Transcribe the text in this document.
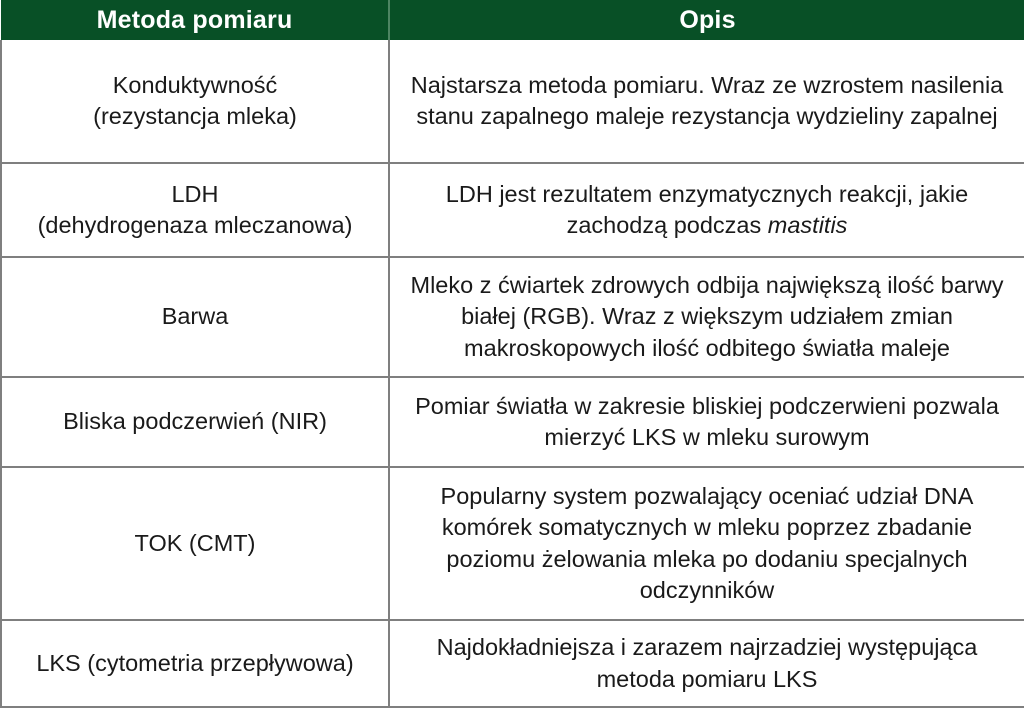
Metoda pomiaru	Opis

Konduktywność
(rezystancja mleka)	Najstarsza metoda pomiaru. Wraz ze wzrostem nasilenia stanu zapalnego maleje rezystancja wydzieliny zapalnej

LDH
(dehydrogenaza mleczanowa)	LDH jest rezultatem enzymatycznych reakcji, jakie zachodzą podczas mastitis

Barwa	Mleko z ćwiartek zdrowych odbija największą ilość barwy białej (RGB). Wraz z większym udziałem zmian makroskopowych ilość odbitego światła maleje

Bliska podczerwień (NIR)	Pomiar światła w zakresie bliskiej podczerwieni pozwala mierzyć LKS w mleku surowym

TOK (CMT)	Popularny system pozwalający oceniać udział DNA komórek somatycznych w mleku poprzez zbadanie poziomu żelowania mleka po dodaniu specjalnych odczynników

LKS (cytometria przepływowa)	Najdokładniejsza i zarazem najrzadziej występująca metoda pomiaru LKS
